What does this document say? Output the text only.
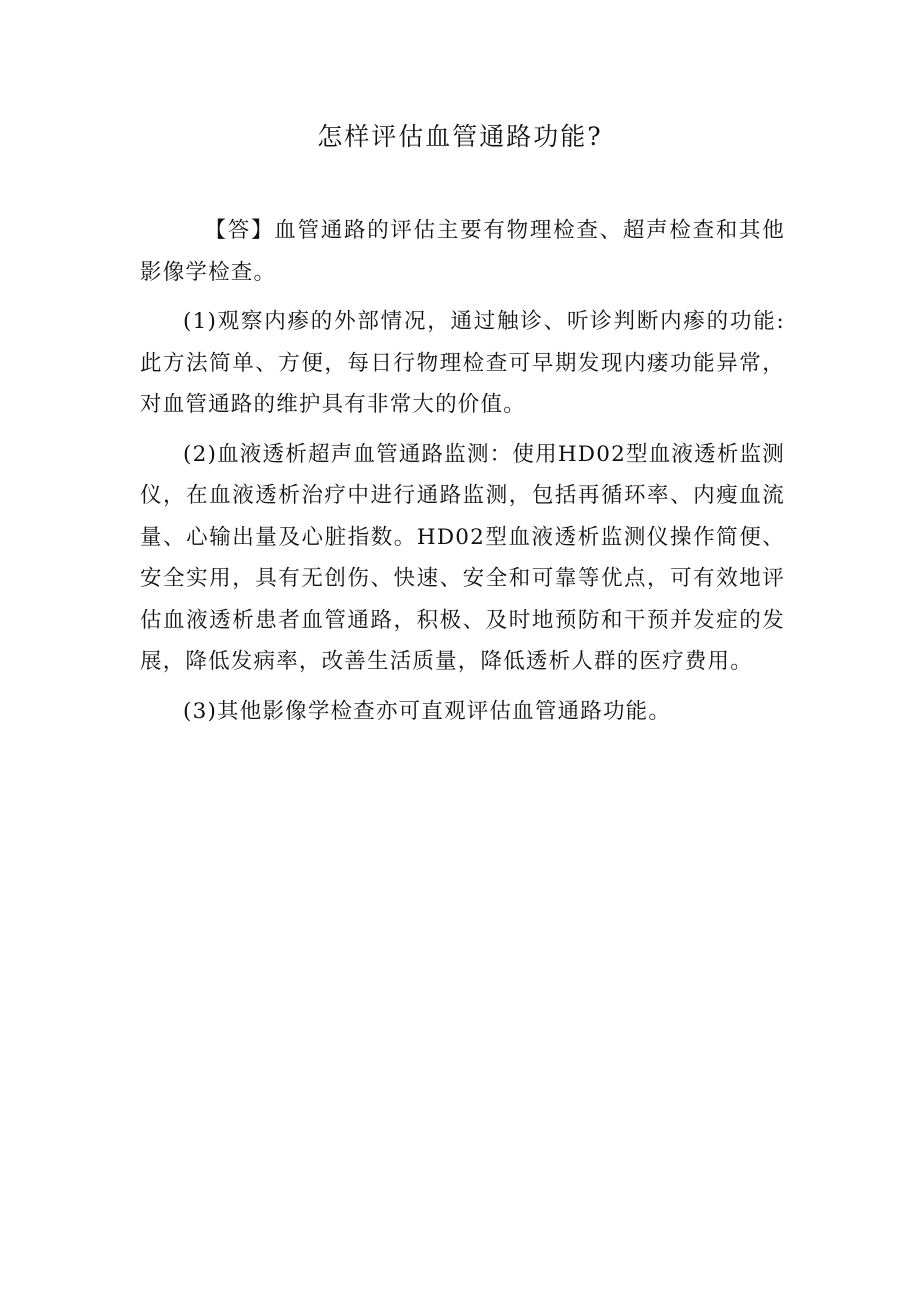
怎样评估血管通路功能?

【答】血管通路的评估主要有物理检查、超声检查和其他影像学检查。

(1)观察内瘆的外部情况，通过触诊、听诊判断内瘆的功能:此方法简单、方便，每日行物理检查可早期发现内瘘功能异常，对血管通路的维护具有非常大的价值。

(2)血液透析超声血管通路监测：使用HD02型血液透析监测仪，在血液透析治疗中进行通路监测，包括再循环率、内瘦血流量、心输出量及心脏指数。HD02型血液透析监测仪操作简便、安全实用，具有无创伤、快速、安全和可靠等优点，可有效地评估血液透析患者血管通路，积极、及时地预防和干预并发症的发展，降低发病率，改善生活质量，降低透析人群的医疗费用。

(3)其他影像学检查亦可直观评估血管通路功能。
